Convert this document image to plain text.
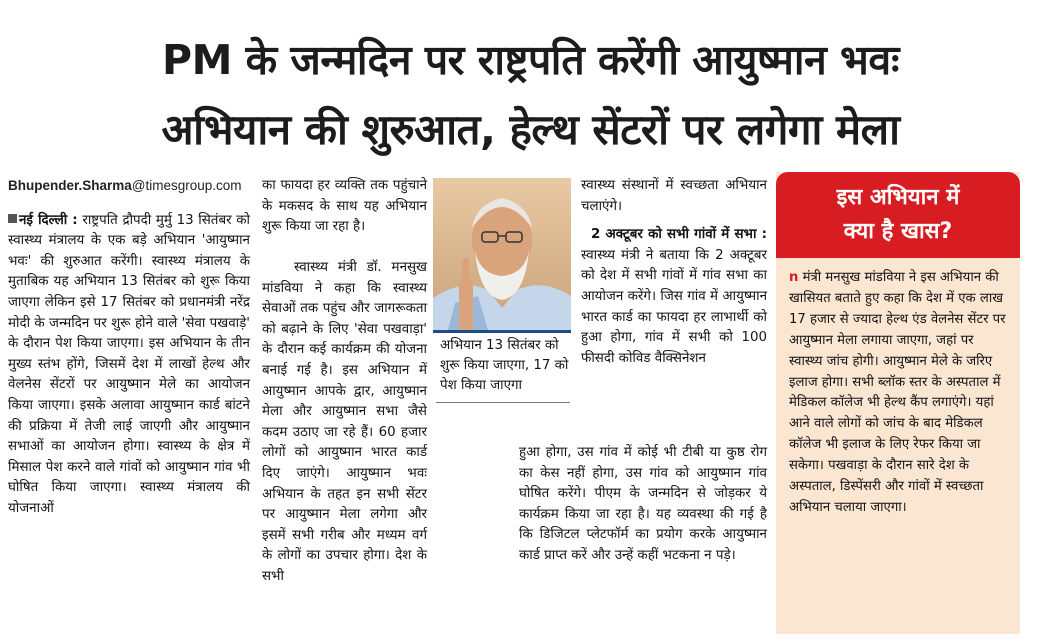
PM के जन्मदिन पर राष्ट्रपति करेंगी आयुष्मान भवः
अभियान की शुरुआत, हेल्थ सेंटरों पर लगेगा मेला
Bhupender.Sharma@timesgroup.com

नई दिल्ली : राष्ट्रपति द्रौपदी मुर्मु 13 सितंबर को स्वास्थ्य मंत्रालय के एक बड़े अभियान 'आयुष्मान भवः' की शुरुआत करेंगी। स्वास्थ्य मंत्रालय के मुताबिक यह अभियान 13 सितंबर को शुरू किया जाएगा लेकिन इसे 17 सितंबर को प्रधानमंत्री नरेंद्र मोदी के जन्मदिन पर शुरू होने वाले 'सेवा पखवाड़े' के दौरान पेश किया जाएगा। इस अभियान के तीन मुख्य स्तंभ होंगे, जिसमें देश में लाखों हेल्थ और वेलनेस सेंटरों पर आयुष्मान मेले का आयोजन किया जाएगा। इसके अलावा आयुष्मान कार्ड बांटने की प्रक्रिया में तेजी लाई जाएगी और आयुष्मान सभाओं का आयोजन होगा। स्वास्थ्य के क्षेत्र में मिसाल पेश करने वाले गांवों को आयुष्मान गांव भी घोषित किया जाएगा। स्वास्थ्य मंत्रालय की योजनाओं

का फायदा हर व्यक्ति तक पहुंचाने के मकसद के साथ यह अभियान शुरू किया जा रहा है।

स्वास्थ्य मंत्री डॉ. मनसुख मांडविया ने कहा कि स्वास्थ्य सेवाओं तक पहुंच और जागरूकता को बढ़ाने के लिए 'सेवा पखवाड़ा' के दौरान कई कार्यक्रम की योजना बनाई गई है। इस अभियान में आयुष्मान आपके द्वार, आयुष्मान मेला और आयुष्मान सभा जैसे कदम उठाए जा रहे हैं। 60 हजार लोगों को आयुष्मान भारत कार्ड दिए जाएंगे। आयुष्मान भवः अभियान के तहत इन सभी सेंटर पर आयुष्मान मेला लगेगा और इसमें सभी गरीब और मध्यम वर्ग के लोगों का उपचार होगा। देश के सभी

अभियान 13 सितंबर को शुरू किया जाएगा, 17 को पेश किया जाएगा

स्वास्थ्य संस्थानों में स्वच्छता अभियान चलाएंगे।

2 अक्टूबर को सभी गांवों में सभा : स्वास्थ्य मंत्री ने बताया कि 2 अक्टूबर को देश में सभी गांवों में गांव सभा का आयोजन करेंगे। जिस गांव में आयुष्मान भारत कार्ड का फायदा हर लाभार्थी को हुआ होगा, गांव में सभी को 100 फीसदी कोविड वैक्सिनेशन

हुआ होगा, उस गांव में कोई भी टीबी या कुष्ठ रोग का केस नहीं होगा, उस गांव को आयुष्मान गांव घोषित करेंगे। पीएम के जन्मदिन से जोड़कर ये कार्यक्रम किया जा रहा है। यह व्यवस्था की गई है कि डिजिटल प्लेटफॉर्म का प्रयोग करके आयुष्मान कार्ड प्राप्त करें और उन्हें कहीं भटकना न पड़े।

इस अभियान में
क्या है खास?
n मंत्री मनसुख मांडविया ने इस अभियान की खासियत बताते हुए कहा कि देश में एक लाख 17 हजार से ज्यादा हेल्थ एंड वेलनेस सेंटर पर आयुष्मान मेला लगाया जाएगा, जहां पर स्वास्थ्य जांच होगी। आयुष्मान मेले के जरिए इलाज होगा। सभी ब्लॉक स्तर के अस्पताल में मेडिकल कॉलेज भी हेल्थ कैंप लगाएंगे। यहां आने वाले लोगों को जांच के बाद मेडिकल कॉलेज भी इलाज के लिए रेफर किया जा सकेगा। पखवाड़ा के दौरान सारे देश के अस्पताल, डिस्पेंसरी और गांवों में स्वच्छता अभियान चलाया जाएगा।
